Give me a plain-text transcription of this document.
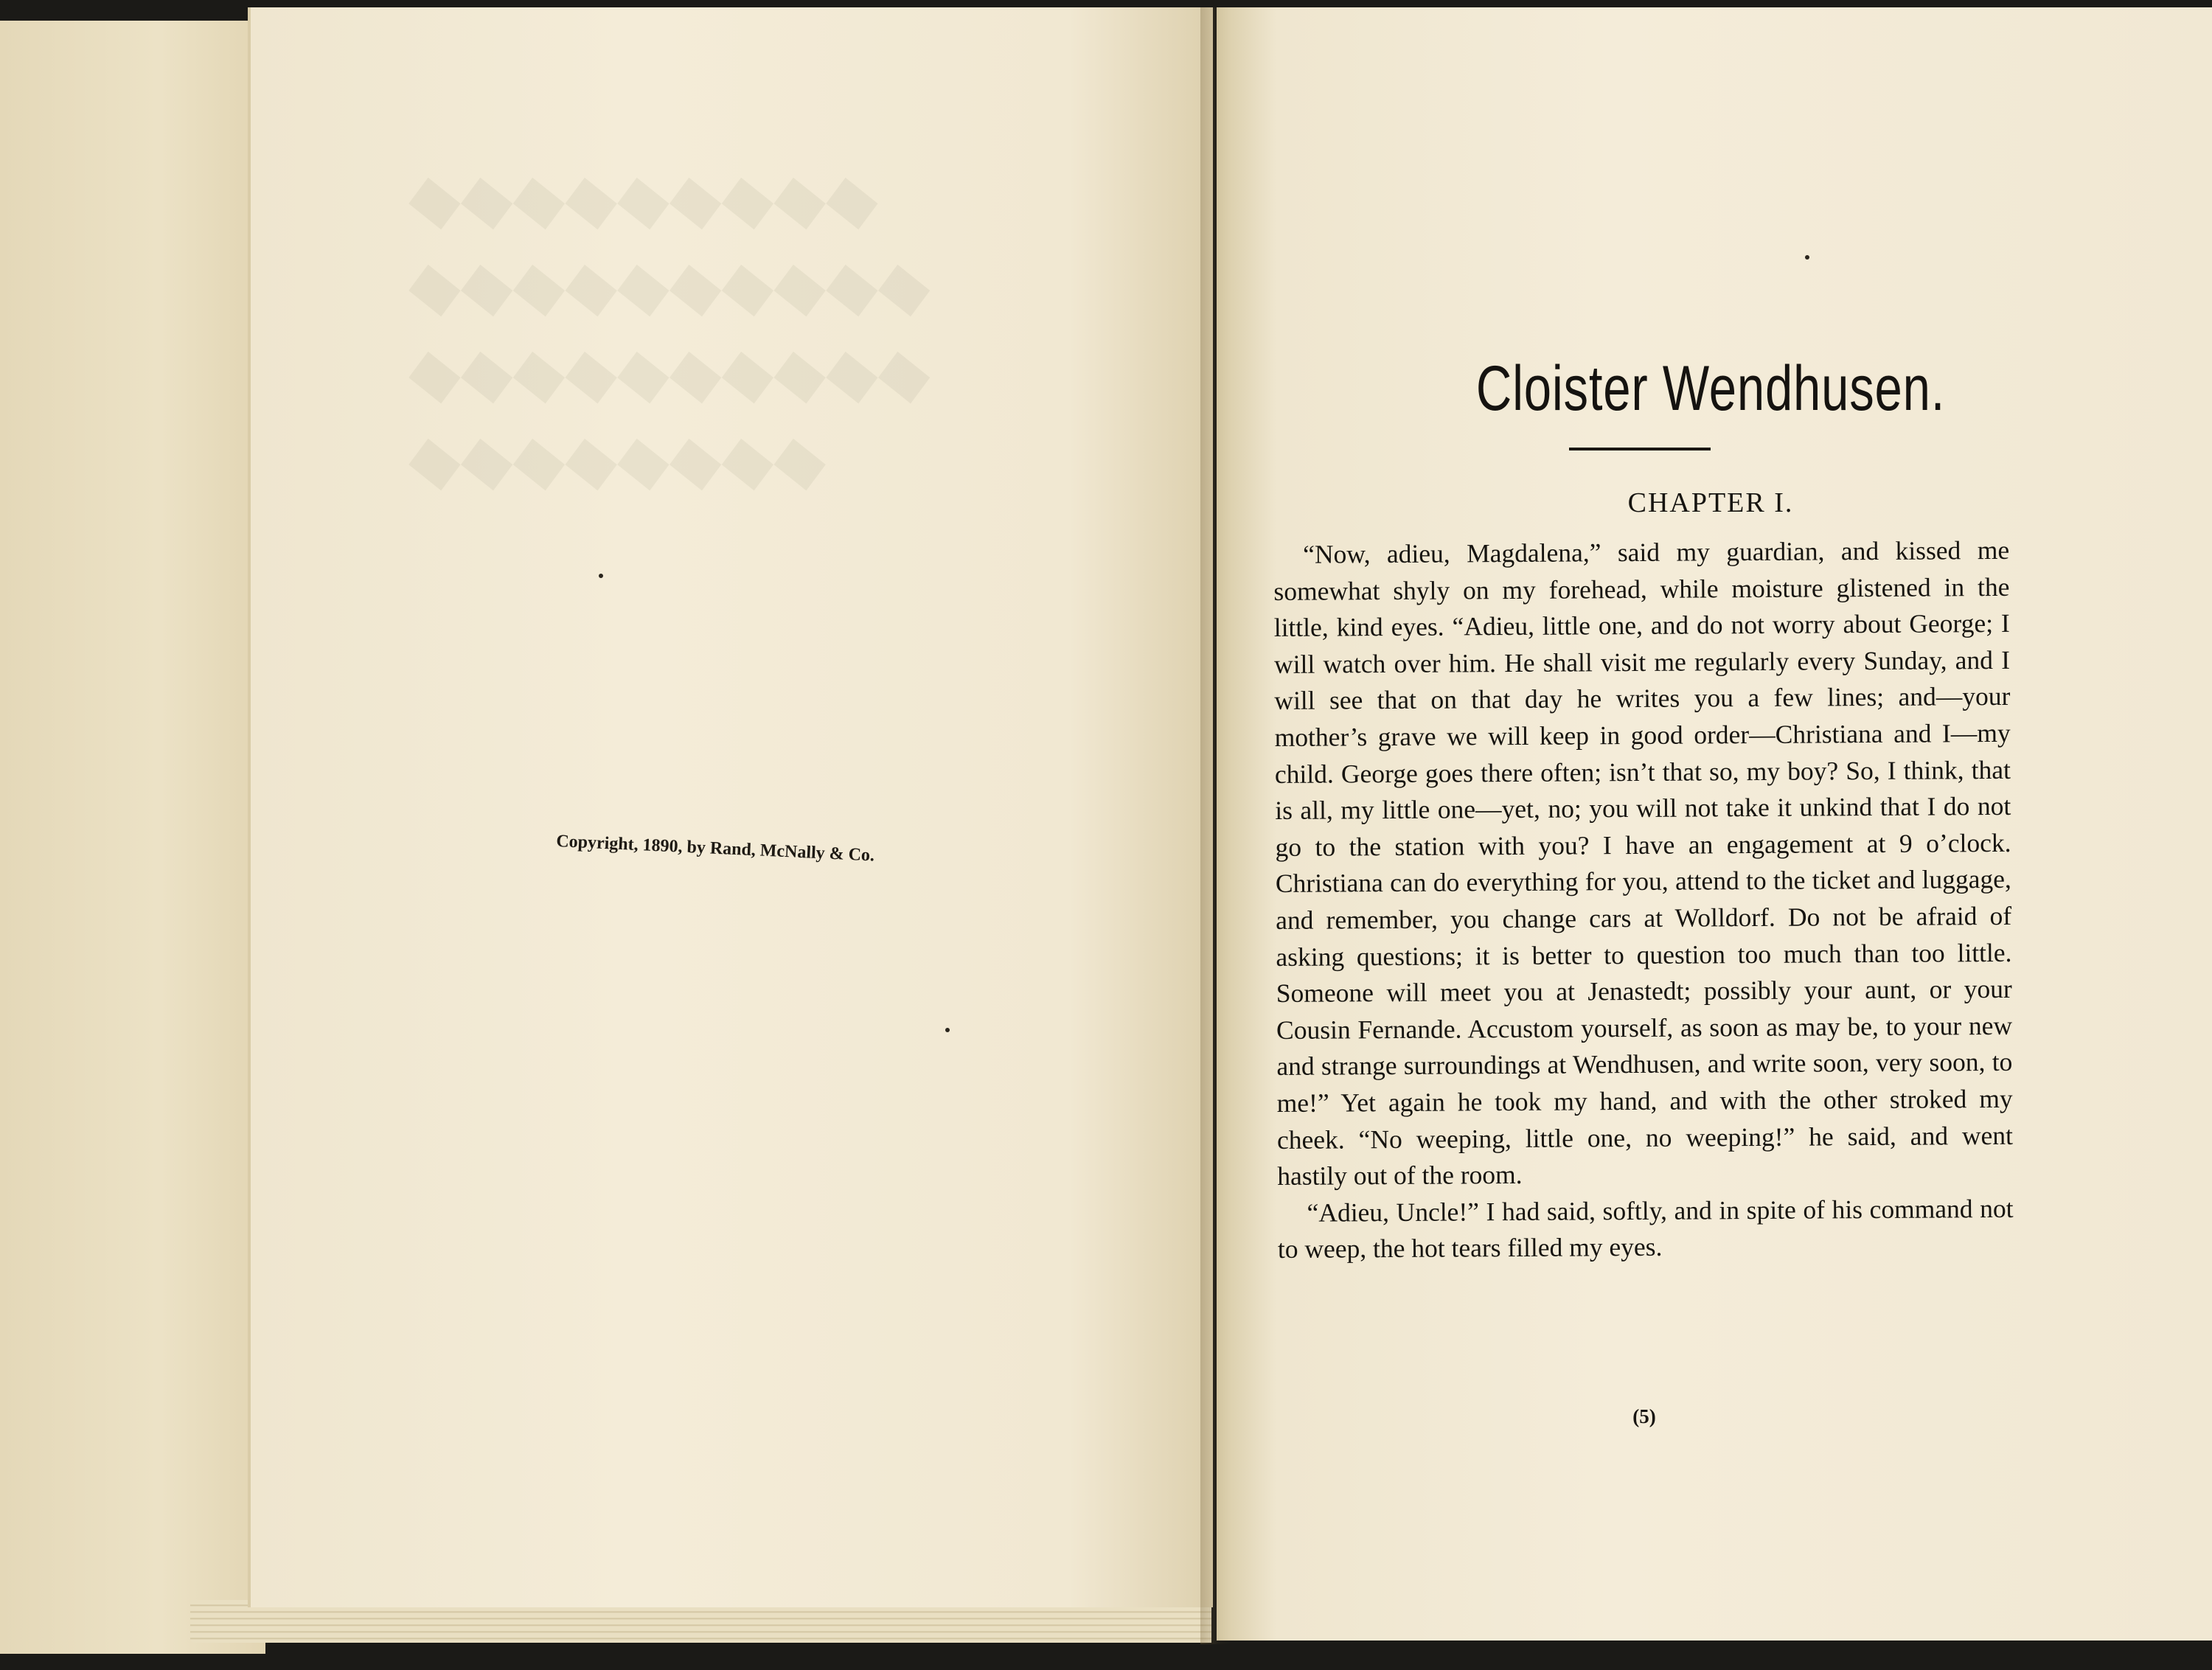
◆◆◆◆◆◆◆◆◆
◆◆◆◆◆◆◆◆◆◆
◆◆◆◆◆◆◆◆◆◆
◆◆◆◆◆◆◆◆
Copyright, 1890, by Rand, McNally & Co.
Cloister Wendhusen.
CHAPTER I.

“Now, adieu, Magdalena,” said my guardian, and kissed me somewhat shyly on my forehead, while moisture glistened in the little, kind eyes. “Adieu, little one, and do not worry about George; I will watch over him. He shall visit me regularly every Sunday, and I will see that on that day he writes you a few lines; and—your mother’s grave we will keep in good order—Christiana and I—my child. George goes there often; isn’t that so, my boy? So, I think, that is all, my little one—yet, no; you will not take it unkind that I do not go to the station with you? I have an engagement at 9 o’clock. Christiana can do everything for you, attend to the ticket and luggage, and remember, you change cars at Wolldorf. Do not be afraid of asking questions; it is better to question too much than too little. Someone will meet you at Jenastedt; possibly your aunt, or your Cousin Fernande. Accustom yourself, as soon as may be, to your new and strange surroundings at Wendhusen, and write soon, very soon, to me!” Yet again he took my hand, and with the other stroked my cheek. “No weeping, little one, no weeping!” he said, and went hastily out of the room.

“Adieu, Uncle!” I had said, softly, and in spite of his command not to weep, the hot tears filled my eyes.

(5)
